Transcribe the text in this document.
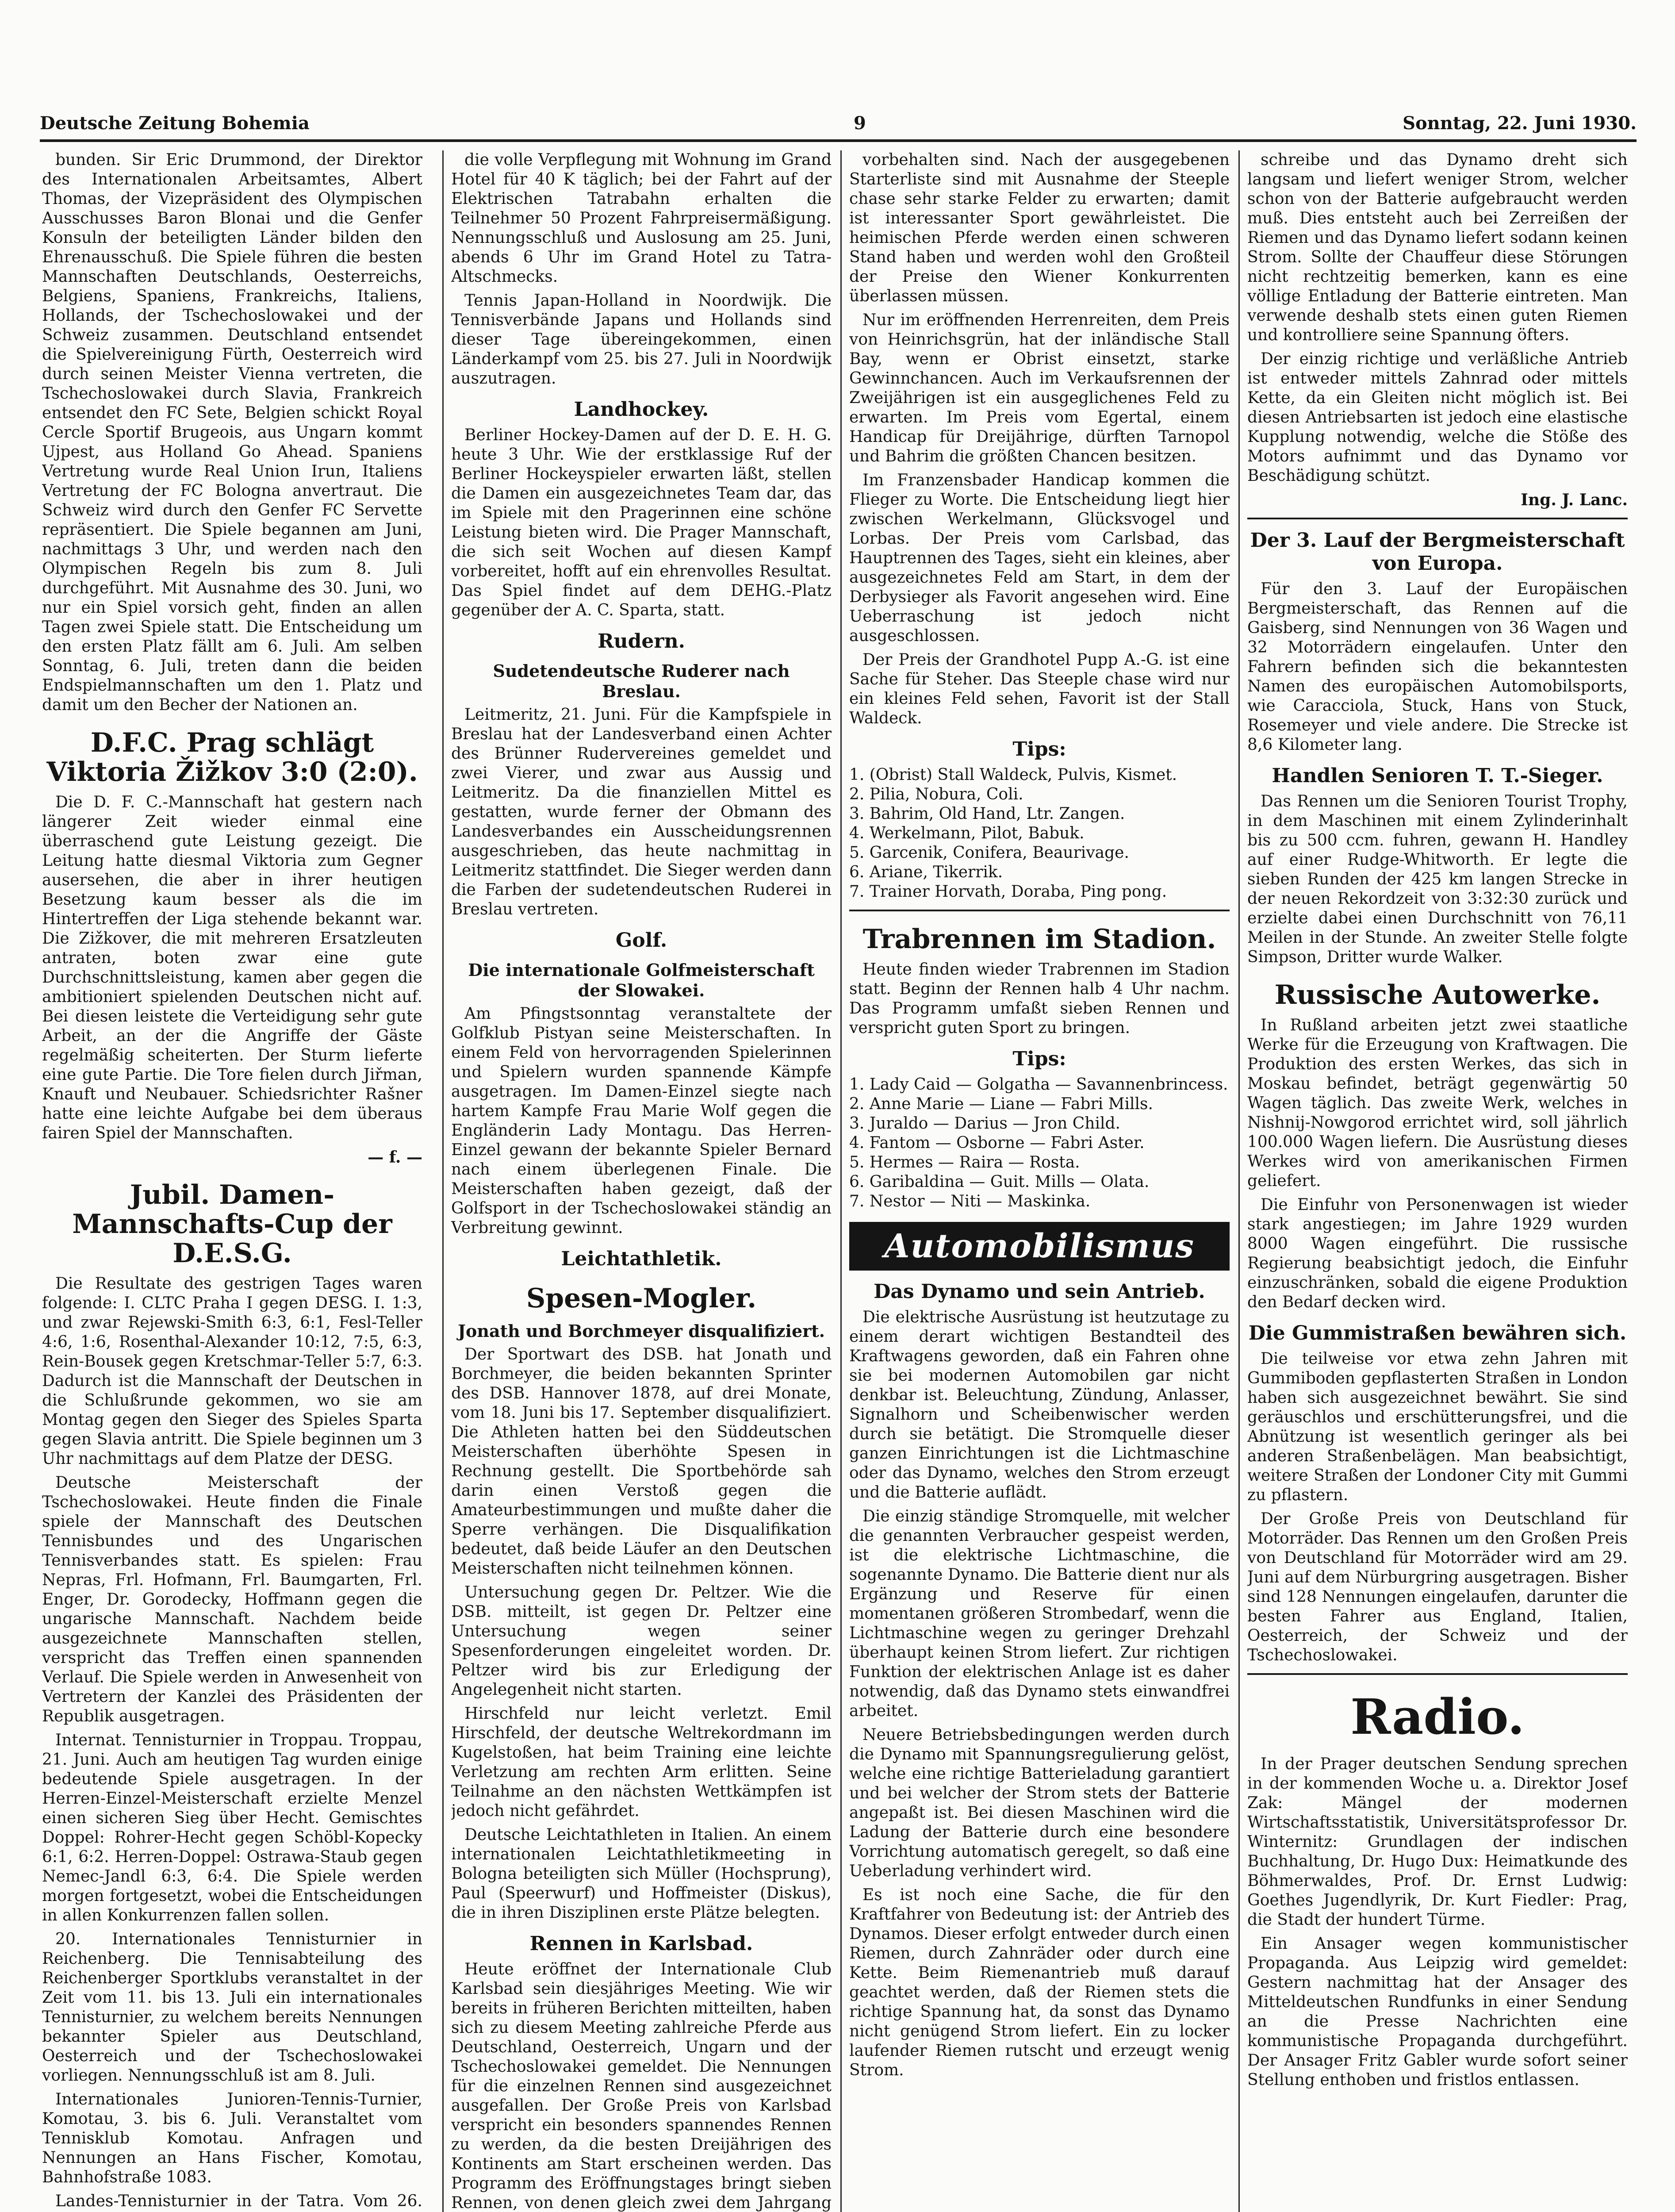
Deutsche Zeitung Bohemia	9	Sonntag, 22. Juni 1930.

bunden. Sir Eric Drummond, der Direktor des Internationalen Arbeitsamtes, Albert Thomas, der Vizepräsident des Olympischen Ausschusses Baron Blonai und die Genfer Konsuln der beteiligten Länder bilden den Ehrenausschuß. Die Spiele führen die besten Mannschaften Deutschlands, Oesterreichs, Belgiens, Spaniens, Frankreichs, Italiens, Hollands, der Tschechoslowakei und der Schweiz zusammen. Deutschland entsendet die Spielvereinigung Fürth, Oesterreich wird durch seinen Meister Vienna vertreten, die Tschechoslowakei durch Slavia, Frankreich entsendet den FC Sete, Belgien schickt Royal Cercle Sportif Brugeois, aus Ungarn kommt Ujpest, aus Holland Go Ahead. Spaniens Vertretung wurde Real Union Irun, Italiens Vertretung der FC Bologna anvertraut. Die Schweiz wird durch den Genfer FC Servette repräsentiert. Die Spiele begannen am Juni, nachmittags 3 Uhr, und werden nach den Olympischen Regeln bis zum 8. Juli durchgeführt. Mit Ausnahme des 30. Juni, wo nur ein Spiel vorsich geht, finden an allen Tagen zwei Spiele statt. Die Entscheidung um den ersten Platz fällt am 6. Juli. Am selben Sonntag, 6. Juli, treten dann die beiden Endspielmannschaften um den 1. Platz und damit um den Becher der Nationen an.

D.F.C. Prag schlägt Viktoria Žižkov 3:0 (2:0).

Die D. F. C.-Mannschaft hat gestern nach längerer Zeit wieder einmal eine überraschend gute Leistung gezeigt. Die Leitung hatte diesmal Viktoria zum Gegner ausersehen, die aber in ihrer heutigen Besetzung kaum besser als die im Hintertreffen der Liga stehende bekannt war. Die Zižkover, die mit mehreren Ersatzleuten antraten, boten zwar eine gute Durchschnittsleistung, kamen aber gegen die ambitioniert spielenden Deutschen nicht auf. Bei diesen leistete die Verteidigung sehr gute Arbeit, an der die Angriffe der Gäste regelmäßig scheiterten. Der Sturm lieferte eine gute Partie. Die Tore fielen durch Jiřman, Knauft und Neubauer. Schiedsrichter Rašner hatte eine leichte Aufgabe bei dem überaus fairen Spiel der Mannschaften.

— f. —

Jubil. Damen-Mannschafts-Cup der D.E.S.G.

Die Resultate des gestrigen Tages waren folgende: I. CLTC Praha I gegen DESG. I. 1:3, und zwar Rejewski-Smith 6:3, 6:1, Fesl-Teller 4:6, 1:6, Rosenthal-Alexander 10:12, 7:5, 6:3, Rein-Bousek gegen Kretschmar-Teller 5:7, 6:3. Dadurch ist die Mannschaft der Deutschen in die Schlußrunde gekommen, wo sie am Montag gegen den Sieger des Spieles Sparta gegen Slavia antritt. Die Spiele beginnen um 3 Uhr nachmittags auf dem Platze der DESG.

Deutsche Meisterschaft der Tschechoslowakei. Heute finden die Finale spiele der Mannschaft des Deutschen Tennisbundes und des Ungarischen Tennisverbandes statt. Es spielen: Frau Nepras, Frl. Hofmann, Frl. Baumgarten, Frl. Enger, Dr. Gorodecky, Hoffmann gegen die ungarische Mannschaft. Nachdem beide ausgezeichnete Mannschaften stellen, verspricht das Treffen einen spannenden Verlauf. Die Spiele werden in Anwesenheit von Vertretern der Kanzlei des Präsidenten der Republik ausgetragen.

Internat. Tennisturnier in Troppau. Troppau, 21. Juni. Auch am heutigen Tag wurden einige bedeutende Spiele ausgetragen. In der Herren-Einzel-Meisterschaft erzielte Menzel einen sicheren Sieg über Hecht. Gemischtes Doppel: Rohrer-Hecht gegen Schöbl-Kopecky 6:1, 6:2. Herren-Doppel: Ostrawa-Staub gegen Nemec-Jandl 6:3, 6:4. Die Spiele werden morgen fortgesetzt, wobei die Entscheidungen in allen Konkurrenzen fallen sollen.

20. Internationales Tennisturnier in Reichenberg. Die Tennisabteilung des Reichenberger Sportklubs veranstaltet in der Zeit vom 11. bis 13. Juli ein internationales Tennisturnier, zu welchem bereits Nennungen bekannter Spieler aus Deutschland, Oesterreich und der Tschechoslowakei vorliegen. Nennungsschluß ist am 8. Juli.

Internationales Junioren-Tennis-Turnier, Komotau, 3. bis 6. Juli. Veranstaltet vom Tennisklub Komotau. Anfragen und Nennungen an Hans Fischer, Komotau, Bahnhofstraße 1083.

Landes-Tennisturnier in der Tatra. Vom 26.

die volle Verpflegung mit Wohnung im Grand Hotel für 40 K täglich; bei der Fahrt auf der Elektrischen Tatrabahn erhalten die Teilnehmer 50 Prozent Fahrpreisermäßigung. Nennungsschluß und Auslosung am 25. Juni, abends 6 Uhr im Grand Hotel zu Tatra-Altschmecks.

Tennis Japan-Holland in Noordwijk. Die Tennisverbände Japans und Hollands sind dieser Tage übereingekommen, einen Länderkampf vom 25. bis 27. Juli in Noordwijk auszutragen.

Landhockey.

Berliner Hockey-Damen auf der D. E. H. G. heute 3 Uhr. Wie der erstklassige Ruf der Berliner Hockeyspieler erwarten läßt, stellen die Damen ein ausgezeichnetes Team dar, das im Spiele mit den Pragerinnen eine schöne Leistung bieten wird. Die Prager Mannschaft, die sich seit Wochen auf diesen Kampf vorbereitet, hofft auf ein ehrenvolles Resultat. Das Spiel findet auf dem DEHG.-Platz gegenüber der A. C. Sparta, statt.

Rudern.
Sudetendeutsche Ruderer nach Breslau.

Leitmeritz, 21. Juni. Für die Kampfspiele in Breslau hat der Landesverband einen Achter des Brünner Rudervereines gemeldet und zwei Vierer, und zwar aus Aussig und Leitmeritz. Da die finanziellen Mittel es gestatten, wurde ferner der Obmann des Landesverbandes ein Ausscheidungsrennen ausgeschrieben, das heute nachmittag in Leitmeritz stattfindet. Die Sieger werden dann die Farben der sudetendeutschen Ruderei in Breslau vertreten.

Golf.
Die internationale Golfmeisterschaft der Slowakei.

Am Pfingstsonntag veranstaltete der Golfklub Pistyan seine Meisterschaften. In einem Feld von hervorragenden Spielerinnen und Spielern wurden spannende Kämpfe ausgetragen. Im Damen-Einzel siegte nach hartem Kampfe Frau Marie Wolf gegen die Engländerin Lady Montagu. Das Herren-Einzel gewann der bekannte Spieler Bernard nach einem überlegenen Finale. Die Meisterschaften haben gezeigt, daß der Golfsport in der Tschechoslowakei ständig an Verbreitung gewinnt.

Leichtathletik.
Spesen-Mogler.
Jonath und Borchmeyer disqualifiziert.

Der Sportwart des DSB. hat Jonath und Borchmeyer, die beiden bekannten Sprinter des DSB. Hannover 1878, auf drei Monate, vom 18. Juni bis 17. September disqualifiziert. Die Athleten hatten bei den Süddeutschen Meisterschaften überhöhte Spesen in Rechnung gestellt. Die Sportbehörde sah darin einen Verstoß gegen die Amateurbestimmungen und mußte daher die Sperre verhängen. Die Disqualifikation bedeutet, daß beide Läufer an den Deutschen Meisterschaften nicht teilnehmen können.

Untersuchung gegen Dr. Peltzer. Wie die DSB. mitteilt, ist gegen Dr. Peltzer eine Untersuchung wegen seiner Spesenforderungen eingeleitet worden. Dr. Peltzer wird bis zur Erledigung der Angelegenheit nicht starten.

Hirschfeld nur leicht verletzt. Emil Hirschfeld, der deutsche Weltrekordmann im Kugelstoßen, hat beim Training eine leichte Verletzung am rechten Arm erlitten. Seine Teilnahme an den nächsten Wettkämpfen ist jedoch nicht gefährdet.

Deutsche Leichtathleten in Italien. An einem internationalen Leichtathletikmeeting in Bologna beteiligten sich Müller (Hochsprung), Paul (Speerwurf) und Hoffmeister (Diskus), die in ihren Disziplinen erste Plätze belegten.

Rennen in Karlsbad.

Heute eröffnet der Internationale Club Karlsbad sein diesjähriges Meeting. Wie wir bereits in früheren Berichten mitteilten, haben sich zu diesem Meeting zahlreiche Pferde aus Deutschland, Oesterreich, Ungarn und der Tschechoslowakei gemeldet. Die Nennungen für die einzelnen Rennen sind ausgezeichnet ausgefallen. Der Große Preis von Karlsbad verspricht ein besonders spannendes Rennen zu werden, da die besten Dreijährigen des Kontinents am Start erscheinen werden. Das Programm des Eröffnungstages bringt sieben Rennen, von denen gleich zwei dem Jahrgang

vorbehalten sind. Nach der ausgegebenen Starterliste sind mit Ausnahme der Steeple chase sehr starke Felder zu erwarten; damit ist interessanter Sport gewährleistet. Die heimischen Pferde werden einen schweren Stand haben und werden wohl den Großteil der Preise den Wiener Konkurrenten überlassen müssen.

Nur im eröffnenden Herrenreiten, dem Preis von Heinrichsgrün, hat der inländische Stall Bay, wenn er Obrist einsetzt, starke Gewinnchancen. Auch im Verkaufsrennen der Zweijährigen ist ein ausgeglichenes Feld zu erwarten. Im Preis vom Egertal, einem Handicap für Dreijährige, dürften Tarnopol und Bahrim die größten Chancen besitzen.

Im Franzensbader Handicap kommen die Flieger zu Worte. Die Entscheidung liegt hier zwischen Werkelmann, Glücksvogel und Lorbas. Der Preis vom Carlsbad, das Hauptrennen des Tages, sieht ein kleines, aber ausgezeichnetes Feld am Start, in dem der Derbysieger als Favorit angesehen wird. Eine Ueberraschung ist jedoch nicht ausgeschlossen.

Der Preis der Grandhotel Pupp A.-G. ist eine Sache für Steher. Das Steeple chase wird nur ein kleines Feld sehen, Favorit ist der Stall Waldeck.

Tips:
1. (Obrist) Stall Waldeck, Pulvis, Kismet.
2. Pilia, Nobura, Coli.
3. Bahrim, Old Hand, Ltr. Zangen.
4. Werkelmann, Pilot, Babuk.
5. Garcenik, Conifera, Beaurivage.
6. Ariane, Tikerrik.
7. Trainer Horvath, Doraba, Ping pong.
Trabrennen im Stadion.

Heute finden wieder Trabrennen im Stadion statt. Beginn der Rennen halb 4 Uhr nachm. Das Programm umfaßt sieben Rennen und verspricht guten Sport zu bringen.

Tips:
1. Lady Caid — Golgatha — Savannenbrincess.
2. Anne Marie — Liane — Fabri Mills.
3. Juraldo — Darius — Jron Child.
4. Fantom — Osborne — Fabri Aster.
5. Hermes — Raira — Rosta.
6. Garibaldina — Guit. Mills — Olata.
7. Nestor — Niti — Maskinka.
Automobilismus
Das Dynamo und sein Antrieb.

Die elektrische Ausrüstung ist heutzutage zu einem derart wichtigen Bestandteil des Kraftwagens geworden, daß ein Fahren ohne sie bei modernen Automobilen gar nicht denkbar ist. Beleuchtung, Zündung, Anlasser, Signalhorn und Scheibenwischer werden durch sie betätigt. Die Stromquelle dieser ganzen Einrichtungen ist die Lichtmaschine oder das Dynamo, welches den Strom erzeugt und die Batterie auflädt.

Die einzig ständige Stromquelle, mit welcher die genannten Verbraucher gespeist werden, ist die elektrische Lichtmaschine, die sogenannte Dynamo. Die Batterie dient nur als Ergänzung und Reserve für einen momentanen größeren Strombedarf, wenn die Lichtmaschine wegen zu geringer Drehzahl überhaupt keinen Strom liefert. Zur richtigen Funktion der elektrischen Anlage ist es daher notwendig, daß das Dynamo stets einwandfrei arbeitet.

Neuere Betriebsbedingungen werden durch die Dynamo mit Spannungsregulierung gelöst, welche eine richtige Batterieladung garantiert und bei welcher der Strom stets der Batterie angepaßt ist. Bei diesen Maschinen wird die Ladung der Batterie durch eine besondere Vorrichtung automatisch geregelt, so daß eine Ueberladung verhindert wird.

Es ist noch eine Sache, die für den Kraftfahrer von Bedeutung ist: der Antrieb des Dynamos. Dieser erfolgt entweder durch einen Riemen, durch Zahnräder oder durch eine Kette. Beim Riemenantrieb muß darauf geachtet werden, daß der Riemen stets die richtige Spannung hat, da sonst das Dynamo nicht genügend Strom liefert. Ein zu locker laufender Riemen rutscht und erzeugt wenig Strom.

schreibe und das Dynamo dreht sich langsam und liefert weniger Strom, welcher schon von der Batterie aufgebraucht werden muß. Dies entsteht auch bei Zerreißen der Riemen und das Dynamo liefert sodann keinen Strom. Sollte der Chauffeur diese Störungen nicht rechtzeitig bemerken, kann es eine völlige Entladung der Batterie eintreten. Man verwende deshalb stets einen guten Riemen und kontrolliere seine Spannung öfters.

Der einzig richtige und verläßliche Antrieb ist entweder mittels Zahnrad oder mittels Kette, da ein Gleiten nicht möglich ist. Bei diesen Antriebsarten ist jedoch eine elastische Kupplung notwendig, welche die Stöße des Motors aufnimmt und das Dynamo vor Beschädigung schützt.

Ing. J. Lanc.

Der 3. Lauf der Bergmeisterschaft von Europa.

Für den 3. Lauf der Europäischen Bergmeisterschaft, das Rennen auf die Gaisberg, sind Nennungen von 36 Wagen und 32 Motorrädern eingelaufen. Unter den Fahrern befinden sich die bekanntesten Namen des europäischen Automobilsports, wie Caracciola, Stuck, Hans von Stuck, Rosemeyer und viele andere. Die Strecke ist 8,6 Kilometer lang.

Handlen Senioren T. T.-Sieger.

Das Rennen um die Senioren Tourist Trophy, in dem Maschinen mit einem Zylinderinhalt bis zu 500 ccm. fuhren, gewann H. Handley auf einer Rudge-Whitworth. Er legte die sieben Runden der 425 km langen Strecke in der neuen Rekordzeit von 3:32:30 zurück und erzielte dabei einen Durchschnitt von 76,11 Meilen in der Stunde. An zweiter Stelle folgte Simpson, Dritter wurde Walker.

Russische Autowerke.

In Rußland arbeiten jetzt zwei staatliche Werke für die Erzeugung von Kraftwagen. Die Produktion des ersten Werkes, das sich in Moskau befindet, beträgt gegenwärtig 50 Wagen täglich. Das zweite Werk, welches in Nishnij-Nowgorod errichtet wird, soll jährlich 100.000 Wagen liefern. Die Ausrüstung dieses Werkes wird von amerikanischen Firmen geliefert.

Die Einfuhr von Personenwagen ist wieder stark angestiegen; im Jahre 1929 wurden 8000 Wagen eingeführt. Die russische Regierung beabsichtigt jedoch, die Einfuhr einzuschränken, sobald die eigene Produktion den Bedarf decken wird.

Die Gummistraßen bewähren sich.

Die teilweise vor etwa zehn Jahren mit Gummiboden gepflasterten Straßen in London haben sich ausgezeichnet bewährt. Sie sind geräuschlos und erschütterungsfrei, und die Abnützung ist wesentlich geringer als bei anderen Straßenbelägen. Man beabsichtigt, weitere Straßen der Londoner City mit Gummi zu pflastern.

Der Große Preis von Deutschland für Motorräder. Das Rennen um den Großen Preis von Deutschland für Motorräder wird am 29. Juni auf dem Nürburgring ausgetragen. Bisher sind 128 Nennungen eingelaufen, darunter die besten Fahrer aus England, Italien, Oesterreich, der Schweiz und der Tschechoslowakei.

Radio.

In der Prager deutschen Sendung sprechen in der kommenden Woche u. a. Direktor Josef Zak: Mängel der modernen Wirtschaftsstatistik, Universitätsprofessor Dr. Winternitz: Grundlagen der indischen Buchhaltung, Dr. Hugo Dux: Heimatkunde des Böhmerwaldes, Prof. Dr. Ernst Ludwig: Goethes Jugendlyrik, Dr. Kurt Fiedler: Prag, die Stadt der hundert Türme.

Ein Ansager wegen kommunistischer Propaganda. Aus Leipzig wird gemeldet: Gestern nachmittag hat der Ansager des Mitteldeutschen Rundfunks in einer Sendung an die Presse Nachrichten eine kommunistische Propaganda durchgeführt. Der Ansager Fritz Gabler wurde sofort seiner Stellung enthoben und fristlos entlassen.
